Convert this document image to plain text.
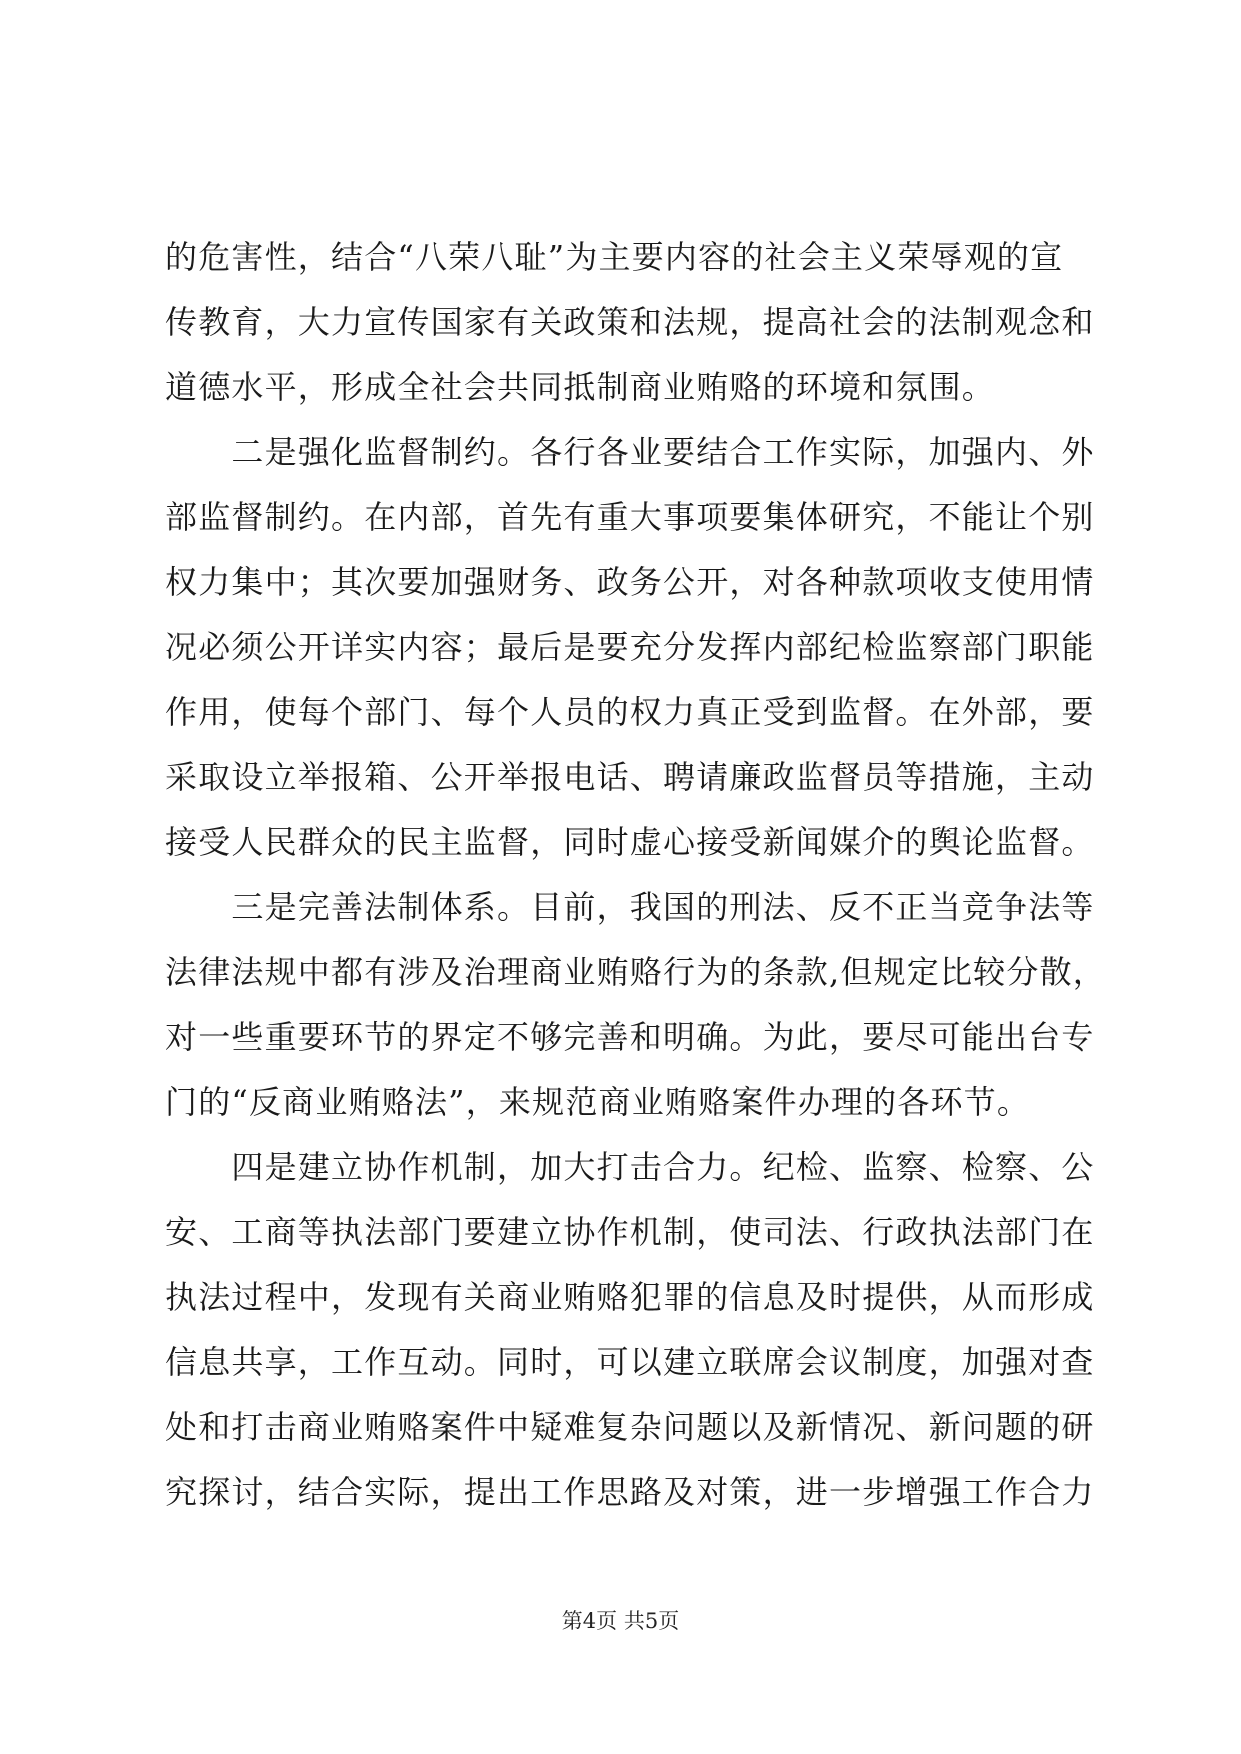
的危害性，结合“八荣八耻”为主要内容的社会主义荣辱观的宣

传教育，大力宣传国家有关政策和法规，提高社会的法制观念和

道德水平，形成全社会共同抵制商业贿赂的环境和氛围。

　　二是强化监督制约。各行各业要结合工作实际，加强内、外

部监督制约。在内部，首先有重大事项要集体研究，不能让个别

权力集中；其次要加强财务、政务公开，对各种款项收支使用情

况必须公开详实内容；最后是要充分发挥内部纪检监察部门职能

作用，使每个部门、每个人员的权力真正受到监督。在外部，要

采取设立举报箱、公开举报电话、聘请廉政监督员等措施，主动

接受人民群众的民主监督，同时虚心接受新闻媒介的舆论监督。

　　三是完善法制体系。目前，我国的刑法、反不正当竞争法等

法律法规中都有涉及治理商业贿赂行为的条款,但规定比较分散，

对一些重要环节的界定不够完善和明确。为此，要尽可能出台专

门的“反商业贿赂法”，来规范商业贿赂案件办理的各环节。

　　四是建立协作机制，加大打击合力。纪检、监察、检察、公

安、工商等执法部门要建立协作机制，使司法、行政执法部门在

执法过程中，发现有关商业贿赂犯罪的信息及时提供，从而形成

信息共享，工作互动。同时，可以建立联席会议制度，加强对查

处和打击商业贿赂案件中疑难复杂问题以及新情况、新问题的研

究探讨，结合实际，提出工作思路及对策，进一步增强工作合力

第4页 共5页
